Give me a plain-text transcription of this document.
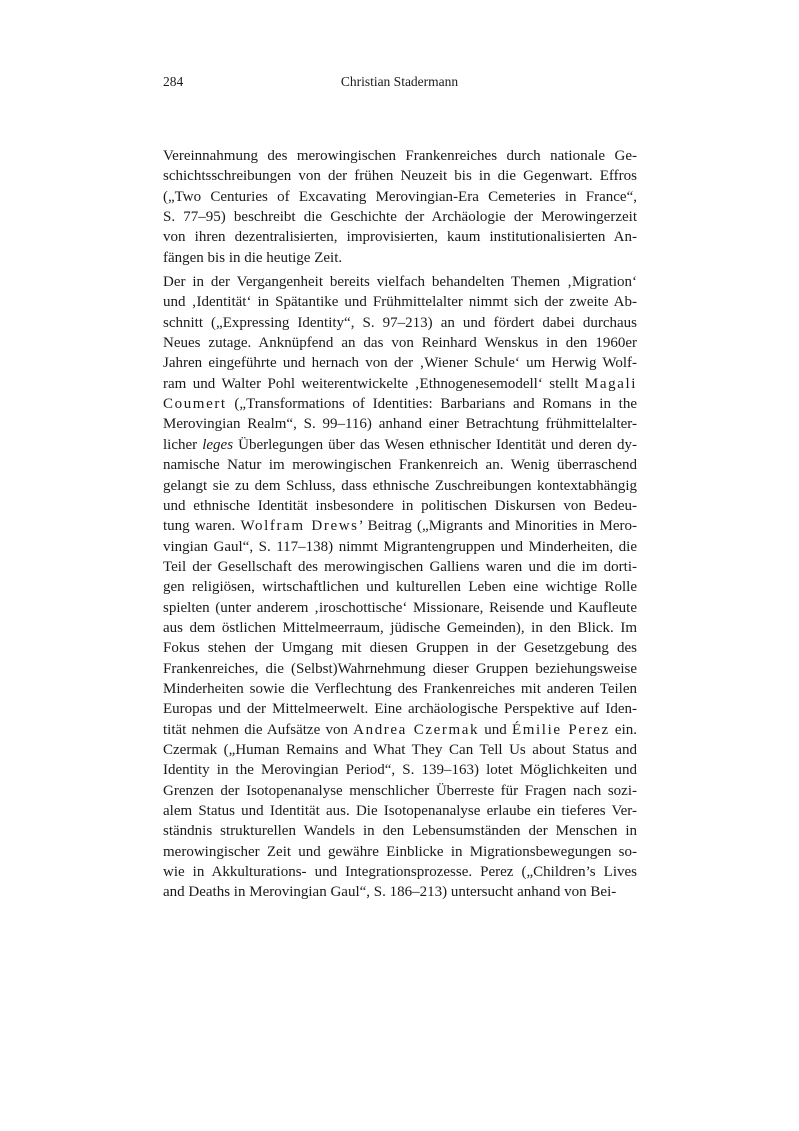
284	Christian Stadermann
Vereinnahmung des merowingischen Frankenreiches durch nationale Ge-
schichtsschreibungen von der frühen Neuzeit bis in die Gegenwart. Effros
(„Two Centuries of Excavating Merovingian-Era Cemeteries in France“,
S. 77–95) beschreibt die Geschichte der Archäologie der Merowingerzeit
von ihren dezentralisierten, improvisierten, kaum institutionalisierten An-
fängen bis in die heutige Zeit.
Der in der Vergangenheit bereits vielfach behandelten Themen ‚Migration‘
und ‚Identität‘ in Spätantike und Frühmittelalter nimmt sich der zweite Ab-
schnitt („Expressing Identity“, S. 97–213) an und fördert dabei durchaus
Neues zutage. Anknüpfend an das von Reinhard Wenskus in den 1960er
Jahren eingeführte und hernach von der ‚Wiener Schule‘ um Herwig Wolf-
ram und Walter Pohl weiterentwickelte ‚Ethnogenesemodell‘ stellt Magali
Coumert („Transformations of Identities: Barbarians and Romans in the
Merovingian Realm“, S. 99–116) anhand einer Betrachtung frühmittelalter-
licher leges Überlegungen über das Wesen ethnischer Identität und deren dy-
namische Natur im merowingischen Frankenreich an. Wenig überraschend
gelangt sie zu dem Schluss, dass ethnische Zuschreibungen kontextabhängig
und ethnische Identität insbesondere in politischen Diskursen von Bedeu-
tung waren. Wolfram Drews’ Beitrag („Migrants and Minorities in Mero-
vingian Gaul“, S. 117–138) nimmt Migrantengruppen und Minderheiten, die
Teil der Gesellschaft des merowingischen Galliens waren und die im dorti-
gen religiösen, wirtschaftlichen und kulturellen Leben eine wichtige Rolle
spielten (unter anderem ‚iroschottische‘ Missionare, Reisende und Kaufleute
aus dem östlichen Mittelmeerraum, jüdische Gemeinden), in den Blick. Im
Fokus stehen der Umgang mit diesen Gruppen in der Gesetzgebung des
Frankenreiches, die (Selbst)Wahrnehmung dieser Gruppen beziehungsweise
Minderheiten sowie die Verflechtung des Frankenreiches mit anderen Teilen
Europas und der Mittelmeerwelt. Eine archäologische Perspektive auf Iden-
tität nehmen die Aufsätze von Andrea Czermak und Émilie Perez ein.
Czermak („Human Remains and What They Can Tell Us about Status and
Identity in the Merovingian Period“, S. 139–163) lotet Möglichkeiten und
Grenzen der Isotopenanalyse menschlicher Überreste für Fragen nach sozi-
alem Status und Identität aus. Die Isotopenanalyse erlaube ein tieferes Ver-
ständnis strukturellen Wandels in den Lebensumständen der Menschen in
merowingischer Zeit und gewähre Einblicke in Migrationsbewegungen so-
wie in Akkulturations- und Integrationsprozesse. Perez („Children’s Lives
and Deaths in Merovingian Gaul“, S. 186–213) untersucht anhand von Bei-
